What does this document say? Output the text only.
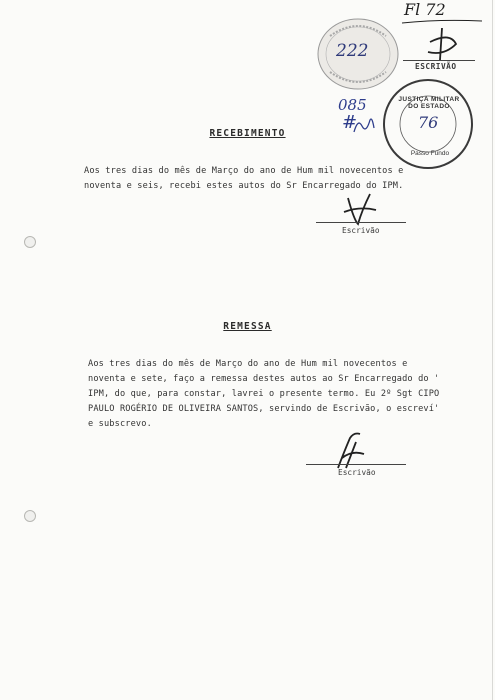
Fl 72
222
ESCRIVÃO
JUSTIÇA MILITAR DO ESTADO
Passo Fundo
76
085
#
RECEBIMENTO
Aos tres dias do mês de Março do ano de Hum mil novecentos e
noventa e seis, recebi estes autos do Sr Encarregado do IPM.
Escrivão
REMESSA
Aos tres dias do mês de Março do ano de Hum mil novecentos e
noventa e sete, faço a remessa destes autos ao Sr Encarregado do '
IPM, do que, para constar, lavrei o presente termo. Eu 2º Sgt CIPO
PAULO ROGÉRIO DE OLIVEIRA SANTOS, servindo de Escrivão, o escreví'
e subscrevo.
Escrivão
